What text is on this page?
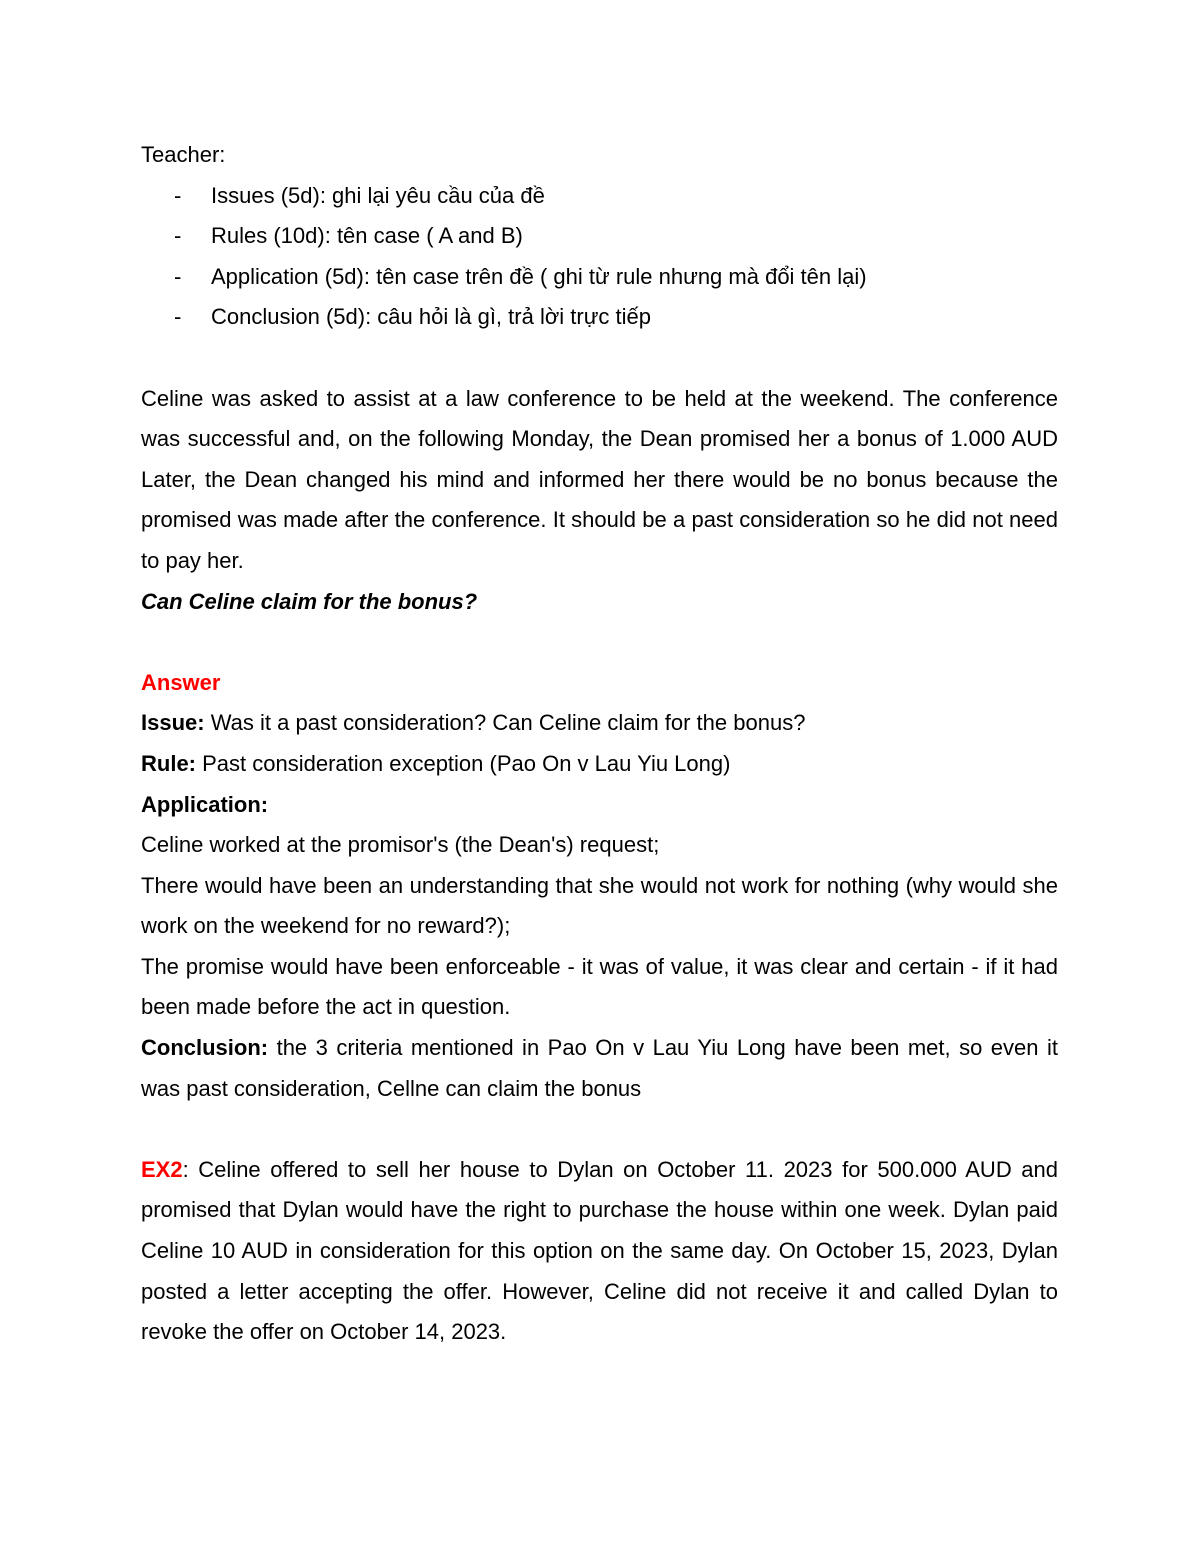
Teacher:

- Issues (5d): ghi lại yêu cầu của đề
- Rules (10d): tên case ( A and B)
- Application (5d): tên case trên đề ( ghi từ rule nhưng mà đổi tên lại)
- Conclusion (5d): câu hỏi là gì, trả lời trực tiếp

Celine was asked to assist at a law conference to be held at the weekend. The conference was successful and, on the following Monday, the Dean promised her a bonus of 1.000 AUD Later, the Dean changed his mind and informed her there would be no bonus because the promised was made after the conference. It should be a past consideration so he did not need to pay her.

Can Celine claim for the bonus?

Answer

Issue: Was it a past consideration? Can Celine claim for the bonus?

Rule: Past consideration exception (Pao On v Lau Yiu Long)

Application:

Celine worked at the promisor's (the Dean's) request;

There would have been an understanding that she would not work for nothing (why would she work on the weekend for no reward?);

The promise would have been enforceable - it was of value, it was clear and certain - if it had been made before the act in question.

Conclusion: the 3 criteria mentioned in Pao On v Lau Yiu Long have been met, so even it was past consideration, Cellne can claim the bonus

EX2: Celine offered to sell her house to Dylan on October 11. 2023 for 500.000 AUD and promised that Dylan would have the right to purchase the house within one week. Dylan paid Celine 10 AUD in consideration for this option on the same day. On October 15, 2023, Dylan posted a letter accepting the offer. However, Celine did not receive it and called Dylan to revoke the offer on October 14, 2023.
